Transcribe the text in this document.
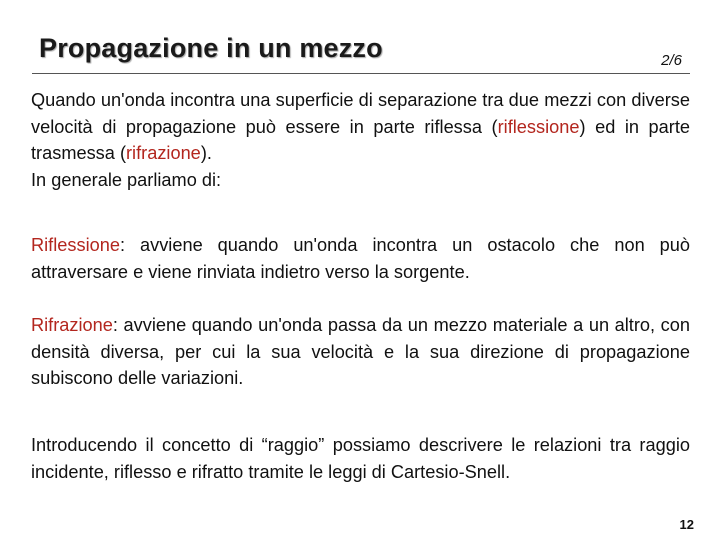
Propagazione in un mezzo	2/6
Quando un'onda incontra una superficie di separazione tra due mezzi con diverse velocità di propagazione può essere in parte riflessa (riflessione) ed in parte trasmessa (rifrazione).
In generale parliamo di:
Riflessione: avviene quando un'onda incontra un ostacolo che non può attraversare e viene rinviata indietro verso la sorgente.
Rifrazione: avviene quando un'onda passa da un mezzo materiale a un altro, con densità diversa, per cui la sua velocità e la sua direzione di propagazione subiscono delle variazioni.
Introducendo il concetto di “raggio” possiamo descrivere le relazioni tra raggio incidente, riflesso e rifratto tramite le leggi di Cartesio-Snell.
12
